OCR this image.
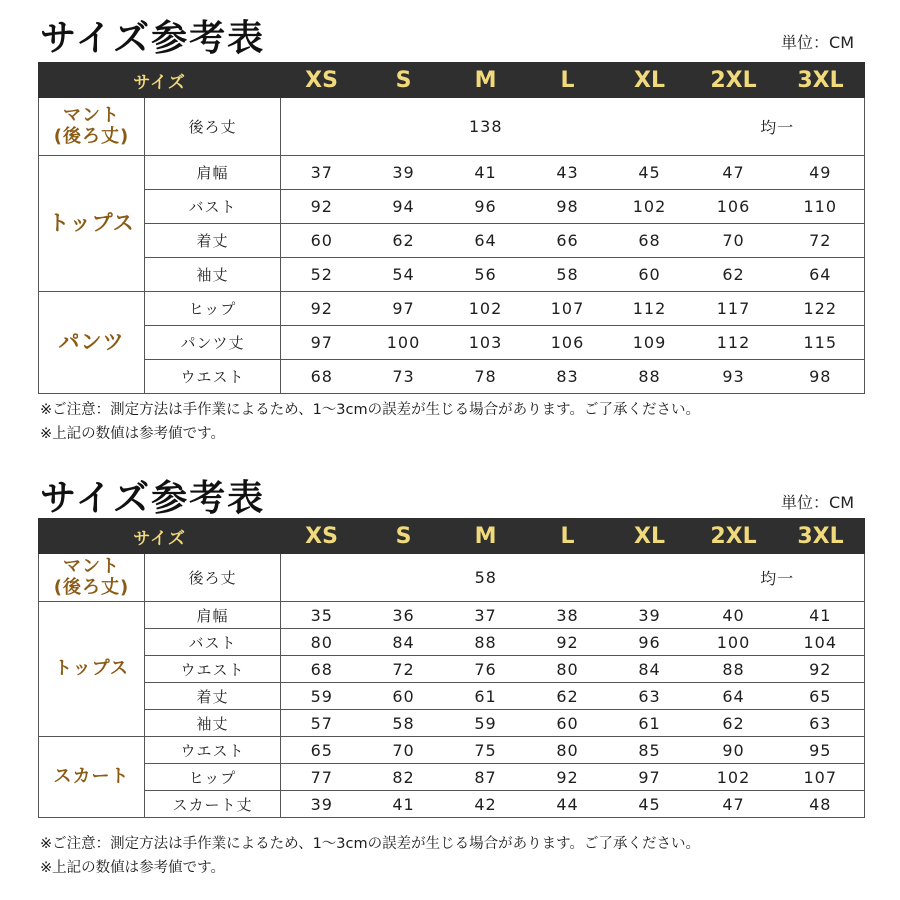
サイズ参考表	単位：CM
サイズ		XS	S	M	L	XL	2XL	3XL
マント
(後ろ丈)	後ろ丈	138					均一	
トップス	肩幅	37	39	41	43	45	47	49
	バスト	92	94	96	98	102	106	110
	着丈	60	62	64	66	68	70	72
	袖丈	52	54	56	58	60	62	64
パンツ	ヒップ	92	97	102	107	112	117	122
	パンツ丈	97	100	103	106	109	112	115
	ウエスト	68	73	78	83	88	93	98
※ご注意：測定方法は手作業によるため、1～3cmの誤差が生じる場合があります。ご了承ください。
※上記の数値は参考値です。
サイズ参考表	単位：CM
サイズ		XS	S	M	L	XL	2XL	3XL
マント
(後ろ丈)	後ろ丈	58					均一	
トップス	肩幅	35	36	37	38	39	40	41
	バスト	80	84	88	92	96	100	104
	ウエスト	68	72	76	80	84	88	92
	着丈	59	60	61	62	63	64	65
	袖丈	57	58	59	60	61	62	63
スカート	ウエスト	65	70	75	80	85	90	95
	ヒップ	77	82	87	92	97	102	107
	スカート丈	39	41	42	44	45	47	48
※ご注意：測定方法は手作業によるため、1～3cmの誤差が生じる場合があります。ご了承ください。
※上記の数値は参考値です。
